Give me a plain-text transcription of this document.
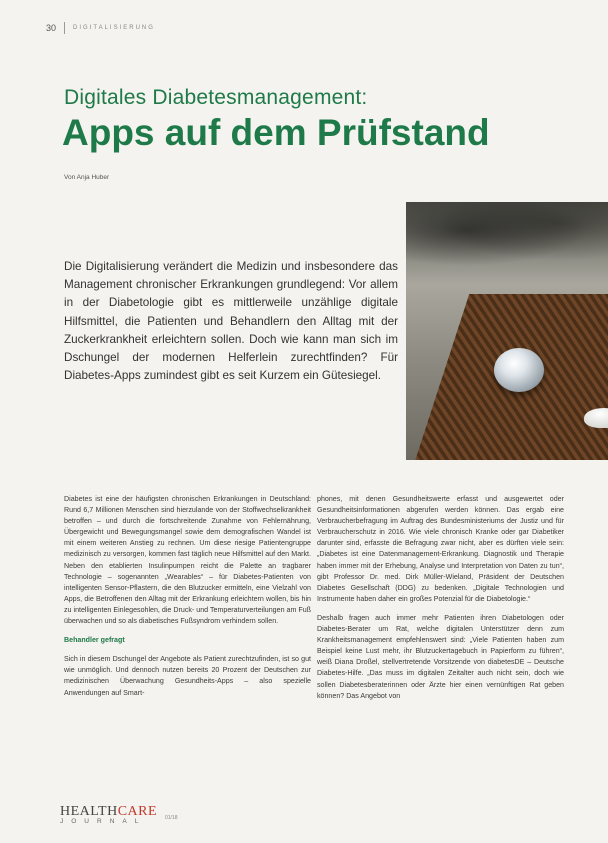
30	DIGITALISIERUNG
Digitales Diabetesmanagement:
Apps auf dem Prüfstand
Von Anja Huber
Die Digitalisierung verändert die Medizin und insbesondere das Management chronischer Erkrankungen grundlegend: Vor allem in der Diabetologie gibt es mittlerweile unzählige digitale Hilfsmittel, die Patienten und Behandlern den Alltag mit der Zuckerkrankheit erleichtern sollen. Doch wie kann man sich im Dschungel der modernen Helferlein zurechtfinden? Für Diabetes-Apps zumindest gibt es seit Kurzem ein Gütesiegel.

Diabetes ist eine der häufigsten chronischen Erkrankungen in Deutschland: Rund 6,7 Millionen Menschen sind hierzulande von der Stoffwechselkrankheit betroffen – und durch die fortschreitende Zunahme von Fehlernährung, Übergewicht und Bewegungsmangel sowie dem demografischen Wandel ist mit einem weiteren Anstieg zu rechnen. Um diese riesige Patientengruppe medizinisch zu versorgen, kommen fast täglich neue Hilfsmittel auf den Markt. Neben den etablierten Insulinpumpen reicht die Palette an tragbarer Technologie – sogenannten „Wearables“ – für Diabetes-Patienten von intelligenten Sensor-Pflastern, die den Blutzucker ermitteln, eine Vielzahl von Apps, die Betroffenen den Alltag mit der Erkrankung erleichtern wollen, bis hin zu intelligenten Einlegesohlen, die Druck- und Temperaturverteilungen am Fuß überwachen und so als diabetisches Fußsyndrom verhindern sollen.

Behandler gefragt

Sich in diesem Dschungel der Angebote als Patient zurechtzufinden, ist so gut wie unmöglich. Und dennoch nutzen bereits 20 Prozent der Deutschen zur medizinischen Überwachung Gesundheits-Apps – also spezielle Anwendungen auf Smart-

phones, mit denen Gesundheitswerte erfasst und ausgewertet oder Gesundheitsinformationen abgerufen werden können. Das ergab eine Verbraucherbefragung im Auftrag des Bundesministeriums der Justiz und für Verbraucherschutz in 2016. Wie viele chronisch Kranke oder gar Diabetiker darunter sind, erfasste die Befragung zwar nicht, aber es dürften viele sein: „Diabetes ist eine Datenmanagement-Erkrankung. Diagnostik und Therapie haben immer mit der Erhebung, Analyse und Interpretation von Daten zu tun“, gibt Professor Dr. med. Dirk Müller-Wieland, Präsident der Deutschen Diabetes Gesellschaft (DDG) zu bedenken. „Digitale Technologien und Instrumente haben daher ein großes Potenzial für die Diabetologie.“

Deshalb fragen auch immer mehr Patienten ihren Diabetologen oder Diabetes-Berater um Rat, welche digitalen Unterstützer denn zum Krankheitsmanagement empfehlenswert sind: „Viele Patienten haben zum Beispiel keine Lust mehr, ihr Blutzuckertagebuch in Papierform zu führen“, weiß Diana Droßel, stellvertretende Vorsitzende von diabetesDE – Deutsche Diabetes-Hilfe. „Das muss im digitalen Zeitalter auch nicht sein, doch wie sollen Diabetesberaterinnen oder Ärzte hier einen vernünftigen Rat geben können? Das Angebot von

HEALTHCARE
JOURNAL	01/18
